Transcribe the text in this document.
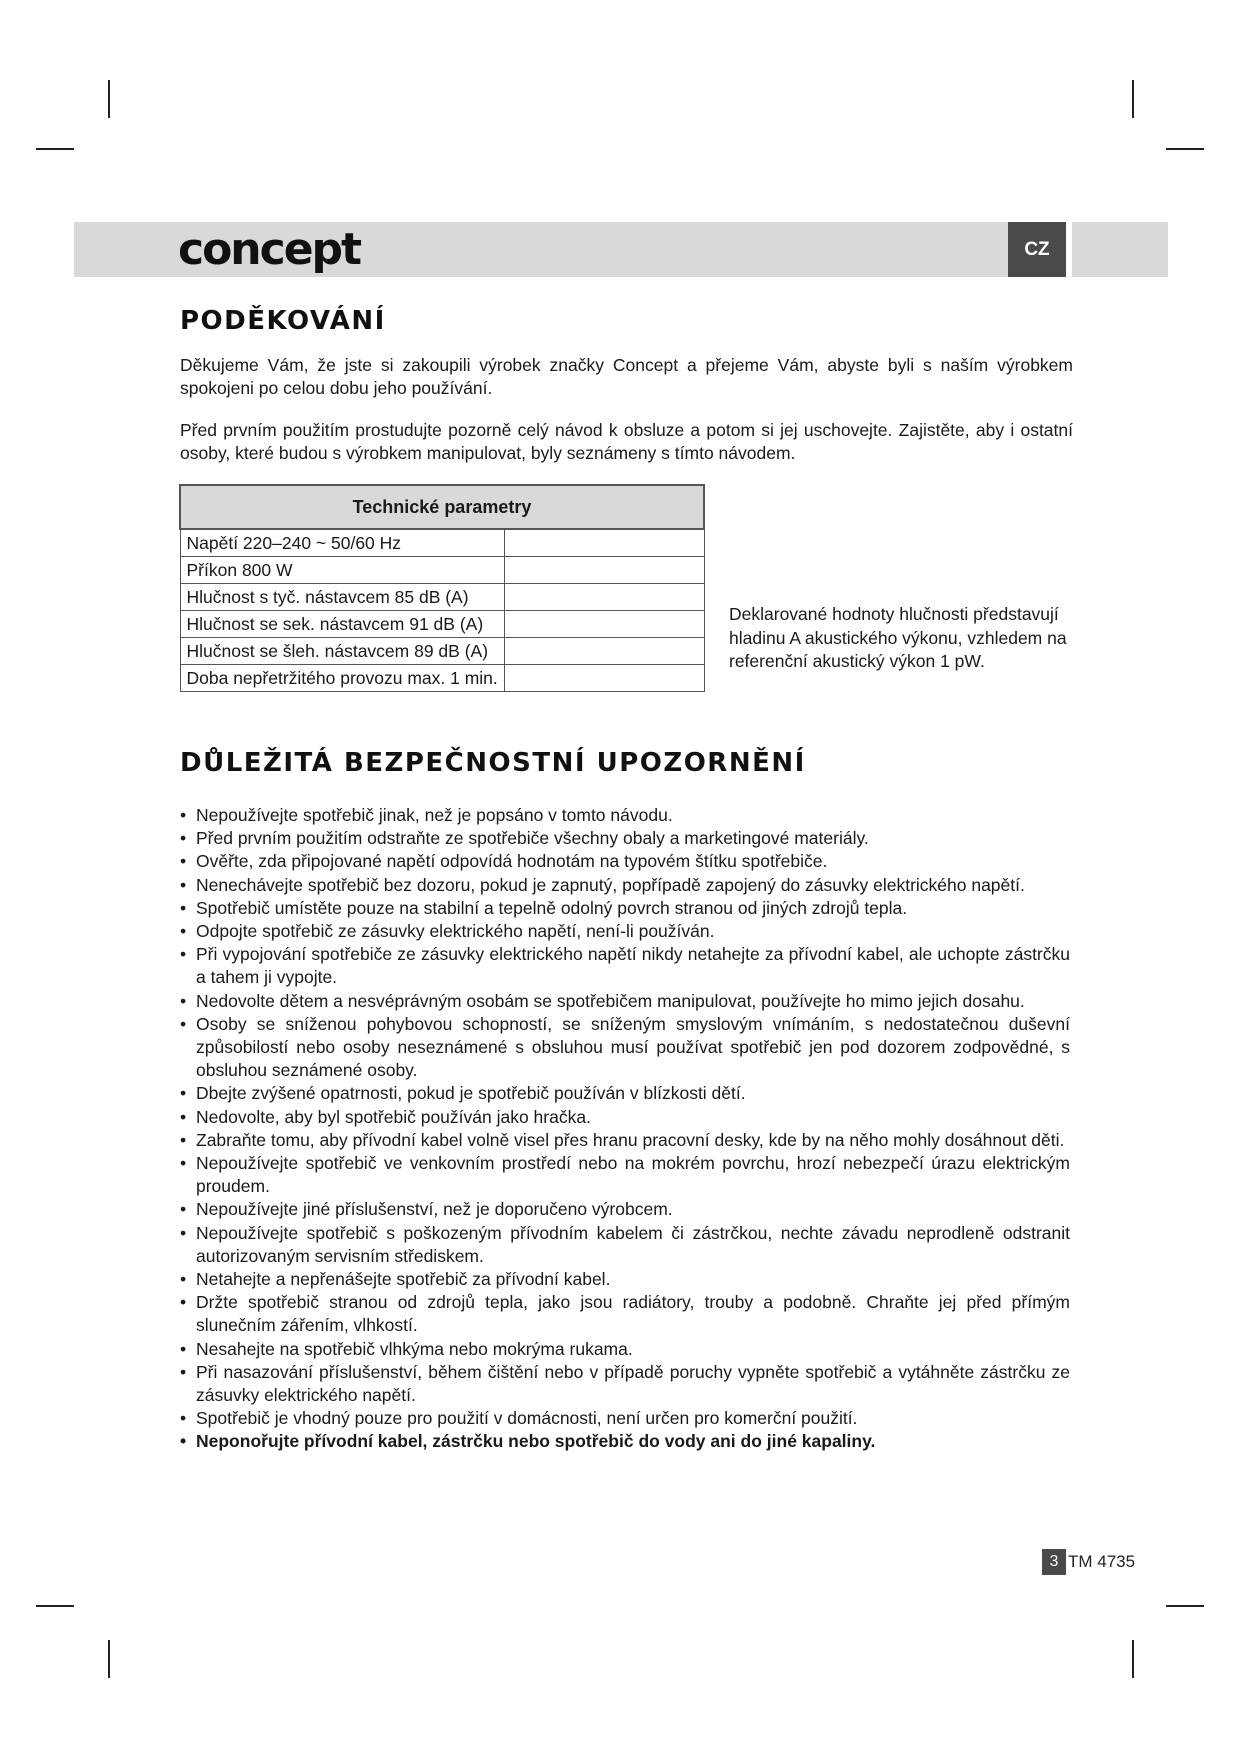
concept	CZ
PODĚKOVÁNÍ

Děkujeme Vám, že jste si zakoupili výrobek značky Concept a přejeme Vám, abyste byli s naším výrobkem spokojeni po celou dobu jeho používání.

Před prvním použitím prostudujte pozorně celý návod k obsluze a potom si jej uschovejte. Zajistěte, aby i ostatní osoby, které budou s výrobkem manipulovat, byly seznámeny s tímto návodem.

Technické parametry	
Napětí 220–240 ~ 50/60 Hz	
Příkon 800 W	
Hlučnost s tyč. nástavcem 85 dB (A)	
Hlučnost se sek. nástavcem 91 dB (A)	
Hlučnost se šleh. nástavcem 89 dB (A)	
Doba nepřetržitého provozu max. 1 min.	

Deklarované hodnoty hlučnosti představují hladinu A akustického výkonu, vzhledem na referenční akustický výkon 1 pW.

DŮLEŽITÁ BEZPEČNOSTNÍ UPOZORNĚNÍ
• Nepoužívejte spotřebič jinak, než je popsáno v tomto návodu.
• Před prvním použitím odstraňte ze spotřebiče všechny obaly a marketingové materiály.
• Ověřte, zda připojované napětí odpovídá hodnotám na typovém štítku spotřebiče.
• Nenechávejte spotřebič bez dozoru, pokud je zapnutý, popřípadě zapojený do zásuvky elektrického napětí.
• Spotřebič umístěte pouze na stabilní a tepelně odolný povrch stranou od jiných zdrojů tepla.
• Odpojte spotřebič ze zásuvky elektrického napětí, není-li používán.
• Při vypojování spotřebiče ze zásuvky elektrického napětí nikdy netahejte za přívodní kabel, ale uchopte zástrčku a tahem ji vypojte.
• Nedovolte dětem a nesvéprávným osobám se spotřebičem manipulovat, používejte ho mimo jejich dosahu.
• Osoby se sníženou pohybovou schopností, se sníženým smyslovým vnímáním, s nedostatečnou duševní způsobilostí nebo osoby neseznámené s obsluhou musí používat spotřebič jen pod dozorem zodpovědné, s obsluhou seznámené osoby.
• Dbejte zvýšené opatrnosti, pokud je spotřebič používán v blízkosti dětí.
• Nedovolte, aby byl spotřebič používán jako hračka.
• Zabraňte tomu, aby přívodní kabel volně visel přes hranu pracovní desky, kde by na něho mohly dosáhnout děti.
• Nepoužívejte spotřebič ve venkovním prostředí nebo na mokrém povrchu, hrozí nebezpečí úrazu elektrickým proudem.
• Nepoužívejte jiné příslušenství, než je doporučeno výrobcem.
• Nepoužívejte spotřebič s poškozeným přívodním kabelem či zástrčkou, nechte závadu neprodleně odstranit autorizovaným servisním střediskem.
• Netahejte a nepřenášejte spotřebič za přívodní kabel.
• Držte spotřebič stranou od zdrojů tepla, jako jsou radiátory, trouby a podobně. Chraňte jej před přímým slunečním zářením, vlhkostí.
• Nesahejte na spotřebič vlhkýma nebo mokrýma rukama.
• Při nasazování příslušenství, během čištění nebo v případě poruchy vypněte spotřebič a vytáhněte zástrčku ze zásuvky elektrického napětí.
• Spotřebič je vhodný pouze pro použití v domácnosti, není určen pro komerční použití.
• Neponořujte přívodní kabel, zástrčku nebo spotřebič do vody ani do jiné kapaliny.
3 TM 4735
